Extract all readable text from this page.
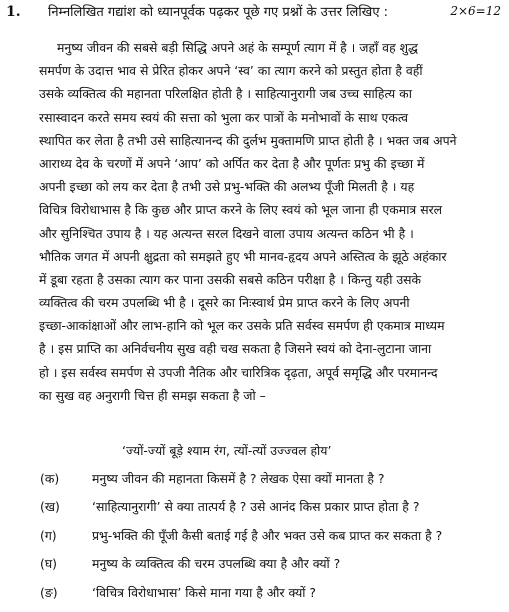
1. निम्नलिखित गद्यांश को ध्यानपूर्वक पढ़कर पूछे गए प्रश्नों के उत्तर लिखिए :	2×6=12
मनुष्य जीवन की सबसे बड़ी सिद्धि अपने अहं के सम्पूर्ण त्याग में है । जहाँ वह शुद्ध
समर्पण के उदात्त भाव से प्रेरित होकर अपने ‘स्व’ का त्याग करने को प्रस्तुत होता है वहीं
उसके व्यक्तित्व की महानता परिलक्षित होती है । साहित्यानुरागी जब उच्च साहित्य का
रसास्वादन करते समय स्वयं की सत्ता को भुला कर पात्रों के मनोभावों के साथ एकत्व
स्थापित कर लेता है तभी उसे साहित्यानन्द की दुर्लभ मुक्तामणि प्राप्त होती है । भक्त जब अपने
आराध्य देव के चरणों में अपने ‘आप’ को अर्पित कर देता है और पूर्णतः प्रभु की इच्छा में
अपनी इच्छा को लय कर देता है तभी उसे प्रभु-भक्ति की अलभ्य पूँजी मिलती है । यह
विचित्र विरोधाभास है कि कुछ और प्राप्त करने के लिए स्वयं को भूल जाना ही एकमात्र सरल
और सुनिश्चित उपाय है । यह अत्यन्त सरल दिखने वाला उपाय अत्यन्त कठिन भी है ।
भौतिक जगत में अपनी क्षुद्रता को समझते हुए भी मानव-हृदय अपने अस्तित्व के झूठे अहंकार
में डूबा रहता है उसका त्याग कर पाना उसकी सबसे कठिन परीक्षा है । किन्तु यही उसके
व्यक्तित्व की चरम उपलब्धि भी है । दूसरे का निःस्वार्थ प्रेम प्राप्त करने के लिए अपनी
इच्छा-आकांक्षाओं और लाभ-हानि को भूल कर उसके प्रति सर्वस्व समर्पण ही एकमात्र माध्यम
है । इस प्राप्ति का अनिर्वचनीय सुख वही चख सकता है जिसने स्वयं को देना-लुटाना जाना
हो । इस सर्वस्व समर्पण से उपजी नैतिक और चारित्रिक दृढ़ता, अपूर्व समृद्धि और परमानन्द
का सुख वह अनुरागी चित्त ही समझ सकता है जो –
‘ज्यों-ज्यों बूड़े श्याम रंग, त्यों-त्यों उज्ज्वल होय’
(क)	मनुष्य जीवन की महानता किसमें है ? लेखक ऐसा क्यों मानता है ?
(ख)	‘साहित्यानुरागी’ से क्या तात्पर्य है ? उसे आनंद किस प्रकार प्राप्त होता है ?
(ग)	प्रभु-भक्ति की पूँजी कैसी बताई गई है और भक्त उसे कब प्राप्त कर सकता है ?
(घ)	मनुष्य के व्यक्तित्व की चरम उपलब्धि क्या है और क्यों ?
(ङ)	‘विचित्र विरोधाभास’ किसे माना गया है और क्यों ?
